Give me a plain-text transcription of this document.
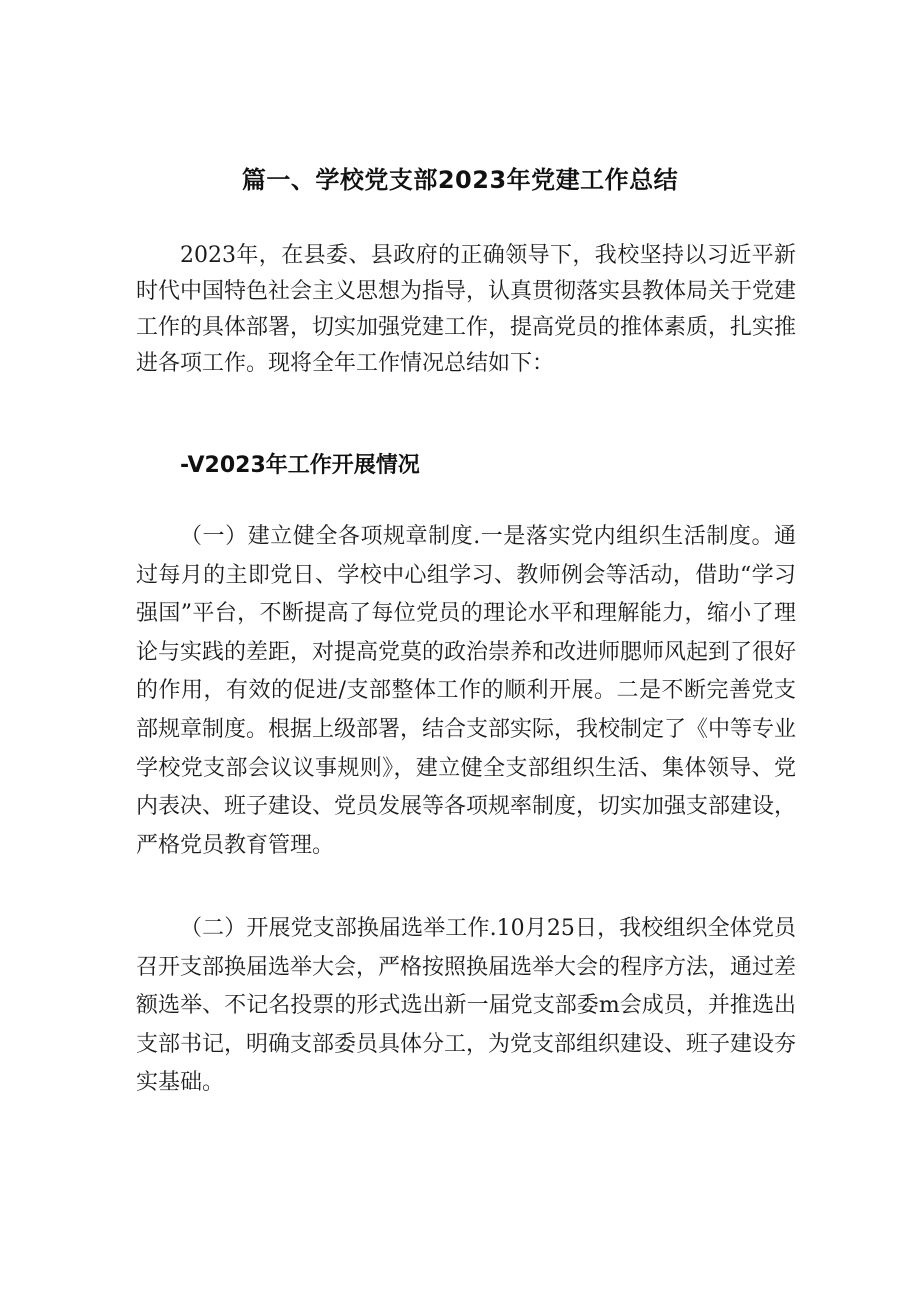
篇一、学校党支部2023年党建工作总结

2023年，在县委、县政府的正确领导下，我校坚持以习近平新时代中国特色社会主义思想为指导，认真贯彻落实县教体局关于党建工作的具体部署，切实加强党建工作，提高党员的推体素质，扎实推进各项工作。现将全年工作情况总结如下：

-V2023年工作开展情况

（一）建立健全各项规章制度.一是落实党内组织生活制度。通过每月的主即党日、学校中心组学习、教师例会等活动，借助“学习强国”平台，不断提高了每位党员的理论水平和理解能力，缩小了理论与实践的差距，对提高党莫的政治崇养和改进师腮师风起到了很好的作用，有效的促进/支部整体工作的顺利开展。二是不断完善党支部规章制度。根据上级部署，结合支部实际，我校制定了《中等专业学校党支部会议议事规则》，建立健全支部组织生活、集体领导、党内表决、班子建设、党员发展等各项规率制度，切实加强支部建设，严格党员教育管理。

（二）开展党支部换届选举工作.10月25日，我校组织全体党员召开支部换届选举大会，严格按照换届选举大会的程序方法，通过差额选举、不记名投票的形式选出新一届党支部委m会成员，并推选出支部书记，明确支部委员具体分工，为党支部组织建设、班子建设夯实基础。
